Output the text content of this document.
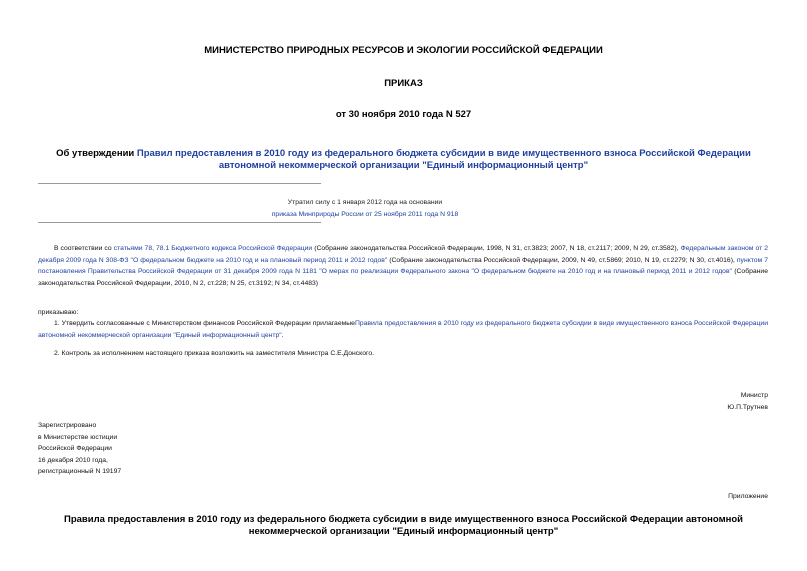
МИНИСТЕРСТВО ПРИРОДНЫХ РЕСУРСОВ И ЭКОЛОГИИ РОССИЙСКОЙ ФЕДЕРАЦИИ
ПРИКАЗ
от 30 ноября 2010 года N 527
Об утверждении Правил предоставления в 2010 году из федерального бюджета субсидии в виде имущественного взноса Российской Федерации автономной некоммерческой организации "Единый информационный центр"
Утратил силу с 1 января 2012 года на основании
приказа Минприроды России от 25 ноября 2011 года N 918
В соответствии со статьями 78, 78.1 Бюджетного кодекса Российской Федерации (Собрание законодательства Российской Федерации, 1998, N 31, ст.3823; 2007, N 18, ст.2117; 2009, N 29, ст.3582), Федеральным законом от 2 декабря 2009 года N 308-ФЗ "О федеральном бюджете на 2010 год и на плановый период 2011 и 2012 годов" (Собрание законодательства Российской Федерации, 2009, N 49, ст.5869; 2010, N 19, ст.2279; N 30, ст.4016), пунктом 7 постановления Правительства Российской Федерации от 31 декабря 2009 года N 1181 "О мерах по реализации Федерального закона "О федеральном бюджете на 2010 год и на плановый период 2011 и 2012 годов" (Собрание законодательства Российской Федерации, 2010, N 2, ст.228; N 25, ст.3192; N 34, ст.4483)
приказываю:
1. Утвердить согласованные с Министерством финансов Российской Федерации прилагаемыеПравила предоставления в 2010 году из федерального бюджета субсидии в виде имущественного взноса Российской Федерации автономной некоммерческой организации "Единый информационный центр".
2. Контроль за исполнением настоящего приказа возложить на заместителя Министра С.Е.Донского.
Министр
Ю.П.Трутнев
Зарегистрировано
в Министерстве юстиции
Российской Федерации
16 декабря 2010 года,
регистрационный N 19197
Приложение
Правила предоставления в 2010 году из федерального бюджета субсидии в виде имущественного взноса Российской Федерации автономной некоммерческой организации "Единый информационный центр"
